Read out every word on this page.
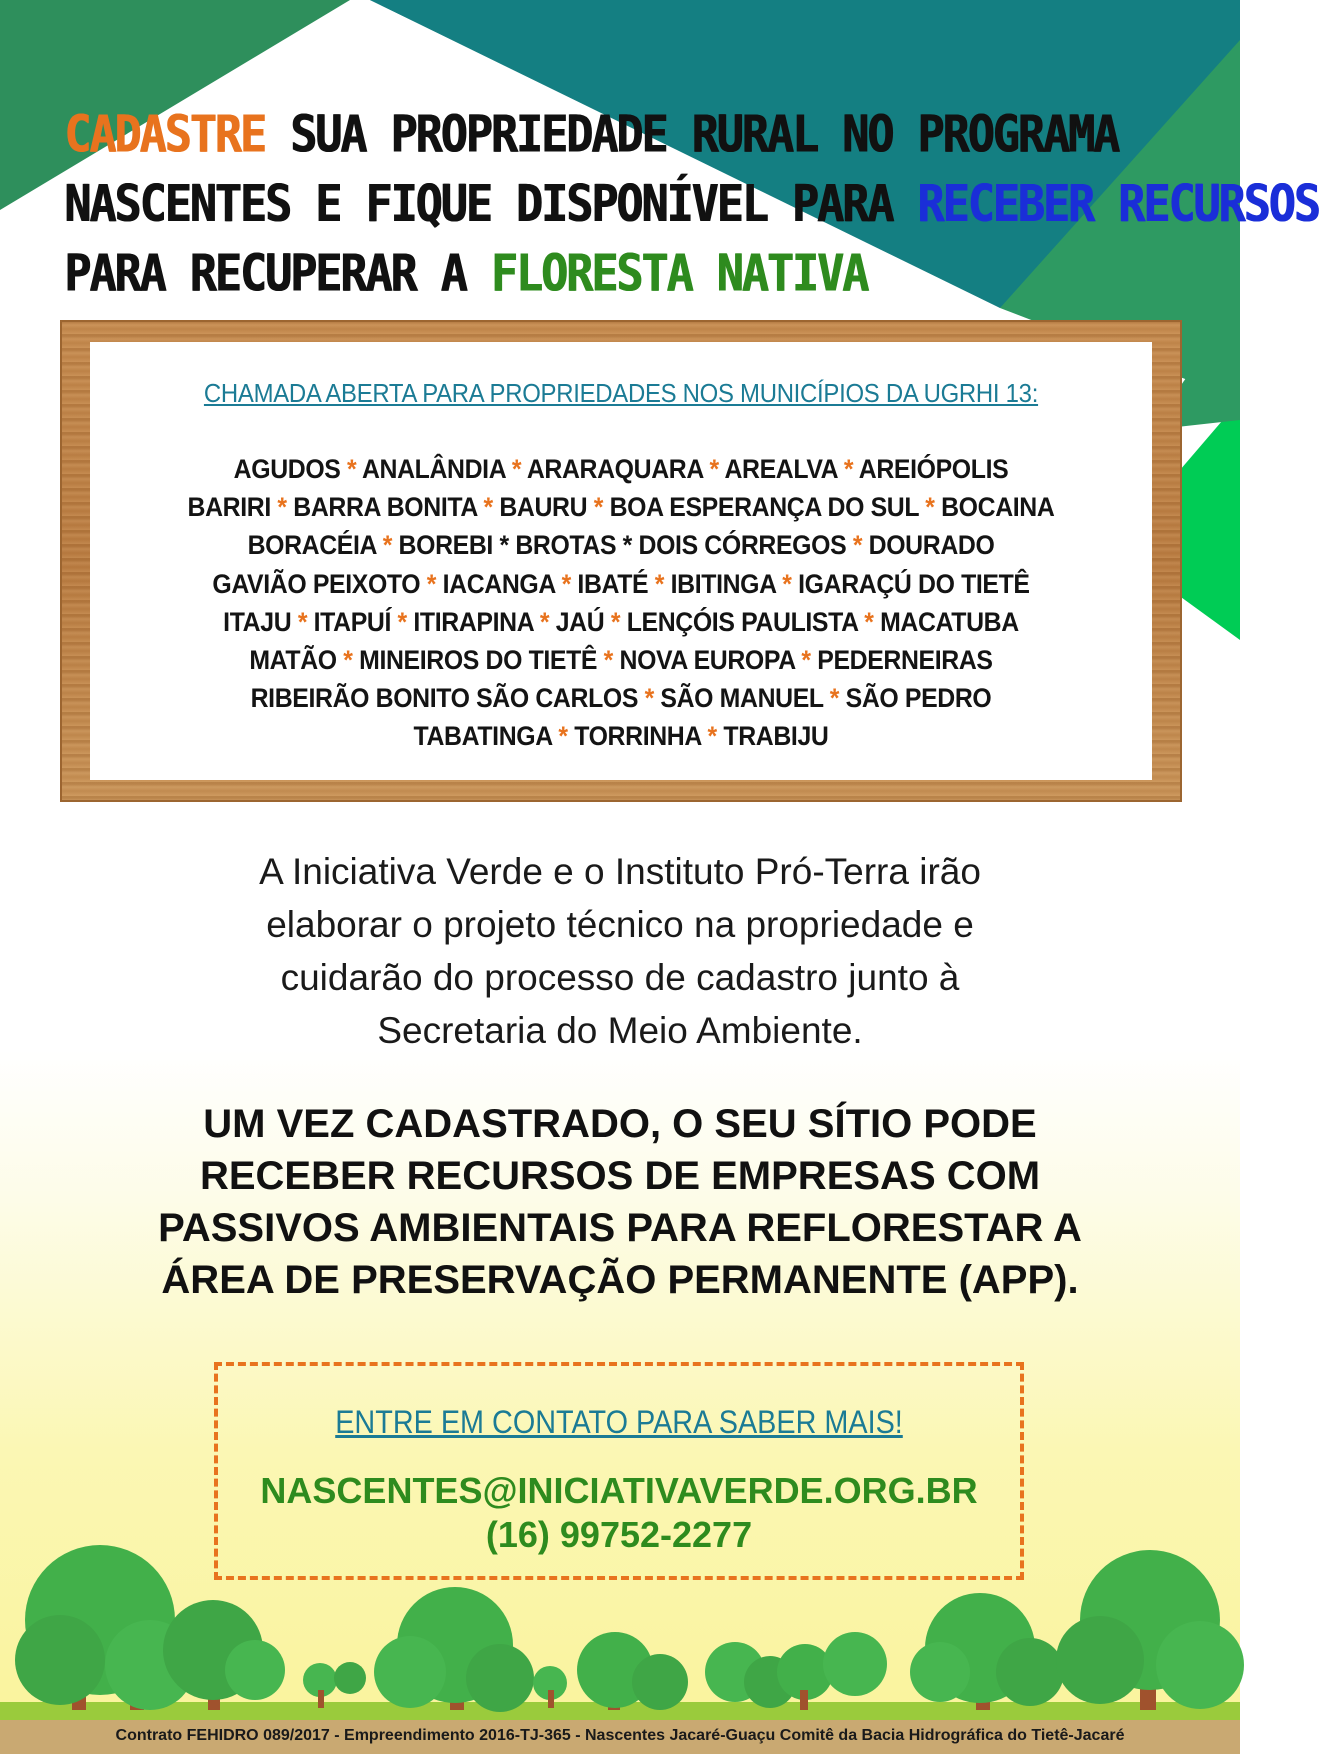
CADASTRE SUA PROPRIEDADE RURAL NO PROGRAMA
NASCENTES E FIQUE DISPONÍVEL PARA RECEBER RECURSOS
PARA RECUPERAR A FLORESTA NATIVA
CHAMADA ABERTA PARA PROPRIEDADES NOS MUNICÍPIOS DA UGRHI 13:
AGUDOS * ANALÂNDIA * ARARAQUARA * AREALVA * AREIÓPOLIS
BARIRI * BARRA BONITA * BAURU * BOA ESPERANÇA DO SUL * BOCAINA
BORACÉIA * BOREBI * BROTAS * DOIS CÓRREGOS * DOURADO
GAVIÃO PEIXOTO * IACANGA * IBATÉ * IBITINGA * IGARAÇÚ DO TIETÊ
ITAJU * ITAPUÍ * ITIRAPINA * JAÚ * LENÇÓIS PAULISTA * MACATUBA
MATÃO * MINEIROS DO TIETÊ * NOVA EUROPA * PEDERNEIRAS
RIBEIRÃO BONITO SÃO CARLOS * SÃO MANUEL * SÃO PEDRO
TABATINGA * TORRINHA * TRABIJU
A Iniciativa Verde e o Instituto Pró-Terra irão
elaborar o projeto técnico na propriedade e
cuidarão do processo de cadastro junto à
Secretaria do Meio Ambiente.
UM VEZ CADASTRADO, O SEU SÍTIO PODE
RECEBER RECURSOS DE EMPRESAS COM
PASSIVOS AMBIENTAIS PARA REFLORESTAR A
ÁREA DE PRESERVAÇÃO PERMANENTE (APP).
ENTRE EM CONTATO PARA SABER MAIS!
NASCENTES@INICIATIVAVERDE.ORG.BR
(16) 99752-2277
Contrato FEHIDRO 089/2017 - Empreendimento 2016-TJ-365 - Nascentes Jacaré-Guaçu Comitê da Bacia Hidrográfica do Tietê-Jacaré
